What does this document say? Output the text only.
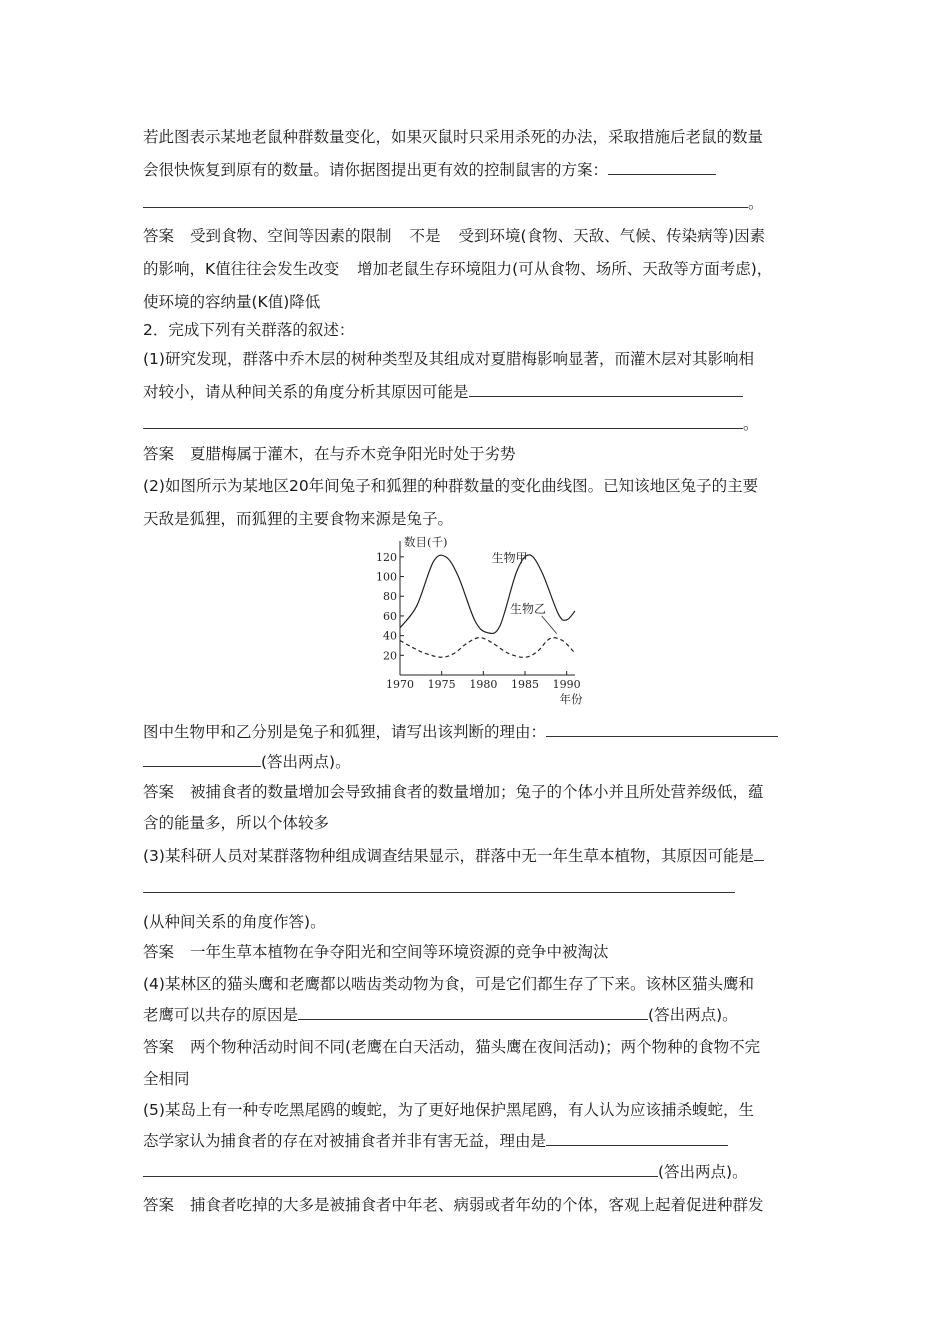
若此图表示某地老鼠种群数量变化，如果灭鼠时只采用杀死的办法，采取措施后老鼠的数量
会很快恢复到原有的数量。请你据图提出更有效的控制鼠害的方案：
。
答案 受到食物、空间等因素的限制 不是 受到环境(食物、天敌、气候、传染病等)因素
的影响，K值往往会发生改变 增加老鼠生存环境阻力(可从食物、场所、天敌等方面考虑)，
使环境的容纳量(K值)降低
2．完成下列有关群落的叙述：
(1)研究发现，群落中乔木层的树种类型及其组成对夏腊梅影响显著，而灌木层对其影响相
对较小，请从种间关系的角度分析其原因可能是
。
答案 夏腊梅属于灌木，在与乔木竞争阳光时处于劣势
(2)如图所示为某地区20年间兔子和狐狸的种群数量的变化曲线图。已知该地区兔子的主要
天敌是狐狸，而狐狸的主要食物来源是兔子。
20
40
60
80
100
120
1970 1975 1980 1985 1990
数目(千)
年份
生物甲
生物乙
图中生物甲和乙分别是兔子和狐狸，请写出该判断的理由：
(答出两点)。
答案 被捕食者的数量增加会导致捕食者的数量增加；兔子的个体小并且所处营养级低，蕴
含的能量多，所以个体较多
(3)某科研人员对某群落物种组成调查结果显示，群落中无一年生草本植物，其原因可能是
(从种间关系的角度作答)。
答案 一年生草本植物在争夺阳光和空间等环境资源的竞争中被淘汰
(4)某林区的猫头鹰和老鹰都以啮齿类动物为食，可是它们都生存了下来。该林区猫头鹰和
老鹰可以共存的原因是	(答出两点)。
答案 两个物种活动时间不同(老鹰在白天活动，猫头鹰在夜间活动)；两个物种的食物不完
全相同
(5)某岛上有一种专吃黑尾鸥的蝮蛇，为了更好地保护黑尾鸥，有人认为应该捕杀蝮蛇，生
态学家认为捕食者的存在对被捕食者并非有害无益，理由是
(答出两点)。
答案 捕食者吃掉的大多是被捕食者中年老、病弱或者年幼的个体，客观上起着促进种群发
